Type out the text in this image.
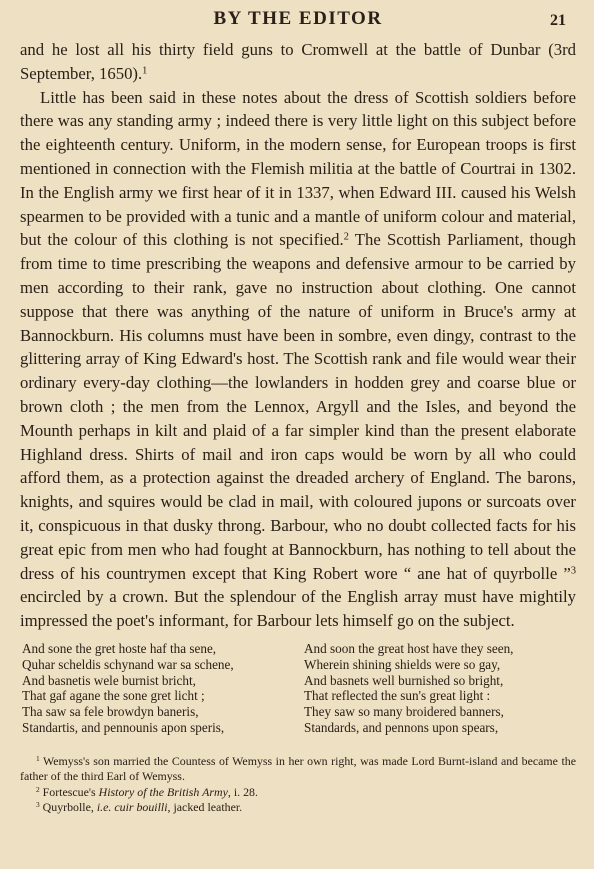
BY THE EDITOR	21

and he lost all his thirty field guns to Cromwell at the battle of Dunbar (3rd September, 1650).$^1$

Little has been said in these notes about the dress of Scottish soldiers before there was any standing army ; indeed there is very little light on this subject before the eighteenth century. Uniform, in the modern sense, for European troops is first mentioned in connection with the Flemish militia at the battle of Courtrai in 1302. In the English army we first hear of it in 1337, when Edward III. caused his Welsh spearmen to be provided with a tunic and a mantle of uniform colour and material, but the colour of this clothing is not specified.$^2$ The Scottish Parliament, though from time to time prescribing the weapons and defensive armour to be carried by men according to their rank, gave no instruction about clothing. One cannot suppose that there was anything of the nature of uniform in Bruce's army at Bannockburn. His columns must have been in sombre, even dingy, contrast to the glittering array of King Edward's host. The Scottish rank and file would wear their ordinary every-day clothing—the lowlanders in hodden grey and coarse blue or brown cloth ; the men from the Lennox, Argyll and the Isles, and beyond the Mounth perhaps in kilt and plaid of a far simpler kind than the present elaborate Highland dress. Shirts of mail and iron caps would be worn by all who could afford them, as a protection against the dreaded archery of England. The barons, knights, and squires would be clad in mail, with coloured jupons or surcoats over it, conspicuous in that dusky throng. Barbour, who no doubt collected facts for his great epic from men who had fought at Bannockburn, has nothing to tell about the dress of his countrymen except that King Robert wore “ ane hat of quyrbolle ”$^3$ encircled by a crown. But the splendour of the English array must have mightily impressed the poet's informant, for Barbour lets himself go on the subject.

And sone the gret hoste haf tha sene,
Quhar scheldis schynand war sa schene,
And basnetis wele burnist bricht,
That gaf agane the sone gret licht ;
Tha saw sa fele browdyn baneris,
Standartis, and pennounis apon speris,
And soon the great host have they seen,
Wherein shining shields were so gay,
And basnets well burnished so bright,
That reflected the sun's great light :
They saw so many broidered banners,
Standards, and pennons upon spears,

$^1$ Wemyss's son married the Countess of Wemyss in her own right, was made Lord Burnt-island and became the father of the third Earl of Wemyss.

$^2$ Fortescue's History of the British Army, i. 28.

$^3$ Quyrbolle, i.e. cuir bouilli, jacked leather.
